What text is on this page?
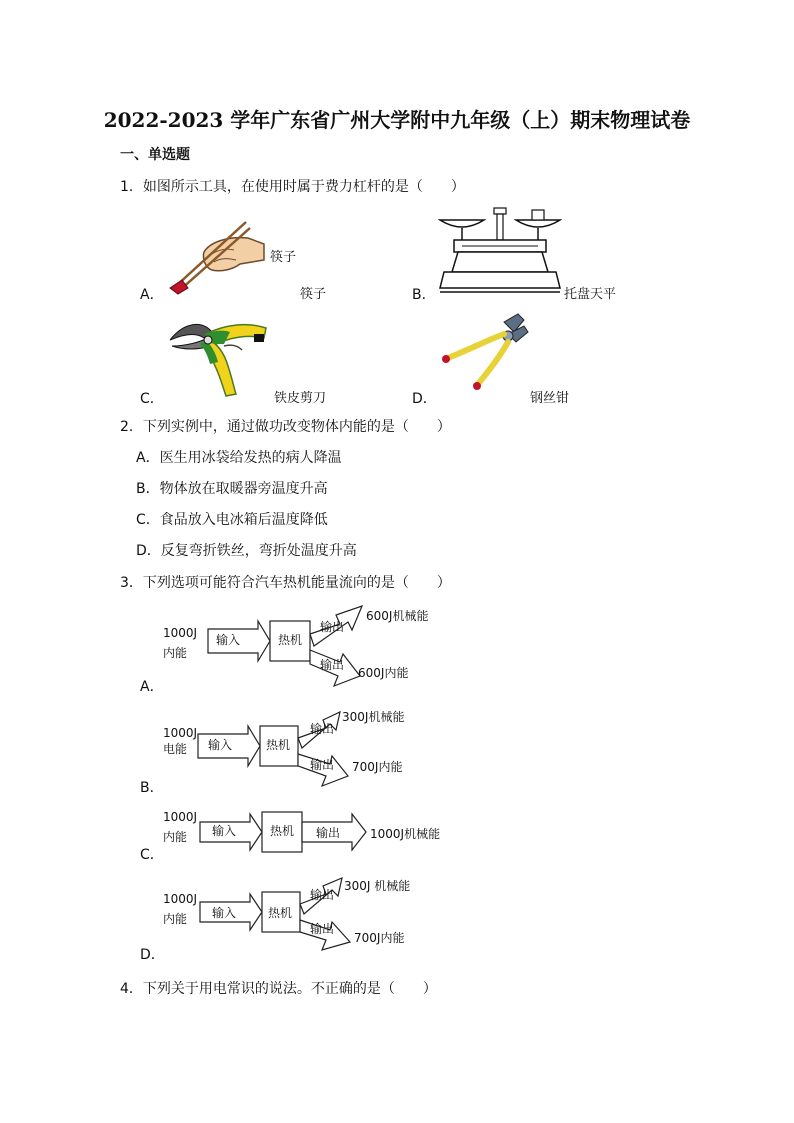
2022-2023 学年广东省广州大学附中九年级（上）期末物理试卷
一、单选题
1．如图所示工具，在使用时属于费力杠杆的是（　　）
筷子
A．	筷子	B．	托盘天平
C．	铁皮剪刀	D．	钢丝钳
2．下列实例中，通过做功改变物体内能的是（　　）
A．医生用冰袋给发热的病人降温
B．物体放在取暖器旁温度升高
C．食品放入电冰箱后温度降低
D．反复弯折铁丝，弯折处温度升高
3．下列选项可能符合汽车热机能量流向的是（　　）
1000J
内能
输入	热机
输出
输出
600J机械能
600J内能
A．
1000J
电能 输入	热机
输出
输出
300J机械能
700J内能
B．
1000J
内能 输入	热机 输出 1000J机械能
C．
1000J
内能 输入	热机
输出
输出
300J 机械能
700J内能
D．
4．下列关于用电常识的说法。不正确的是（　　）
